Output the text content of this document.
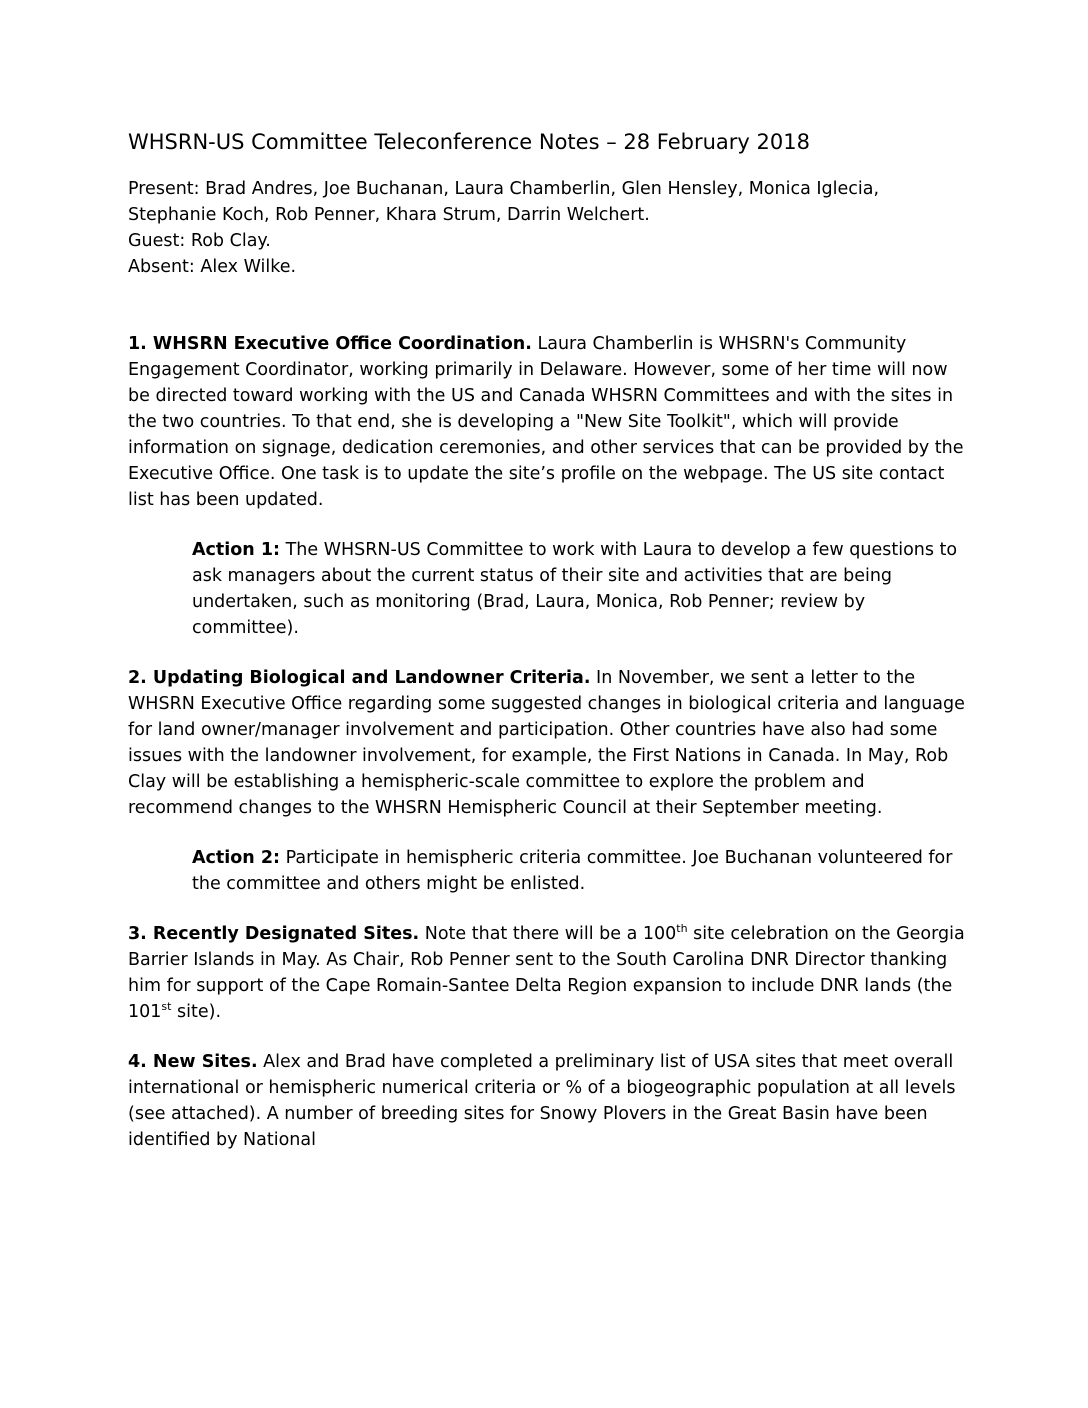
WHSRN-US Committee Teleconference Notes – 28 February 2018

Present: Brad Andres, Joe Buchanan, Laura Chamberlin, Glen Hensley, Monica Iglecia, Stephanie Koch, Rob Penner, Khara Strum, Darrin Welchert.

Guest: Rob Clay.

Absent: Alex Wilke.

1. WHSRN Executive Office Coordination. Laura Chamberlin is WHSRN's Community Engagement Coordinator, working primarily in Delaware. However, some of her time will now be directed toward working with the US and Canada WHSRN Committees and with the sites in the two countries. To that end, she is developing a "New Site Toolkit", which will provide information on signage, dedication ceremonies, and other services that can be provided by the Executive Office. One task is to update the site’s profile on the webpage. The US site contact list has been updated.

Action 1: The WHSRN-US Committee to work with Laura to develop a few questions to ask managers about the current status of their site and activities that are being undertaken, such as monitoring (Brad, Laura, Monica, Rob Penner; review by committee).

2. Updating Biological and Landowner Criteria. In November, we sent a letter to the WHSRN Executive Office regarding some suggested changes in biological criteria and language for land owner/manager involvement and participation. Other countries have also had some issues with the landowner involvement, for example, the First Nations in Canada. In May, Rob Clay will be establishing a hemispheric-scale committee to explore the problem and recommend changes to the WHSRN Hemispheric Council at their September meeting.

Action 2: Participate in hemispheric criteria committee. Joe Buchanan volunteered for the committee and others might be enlisted.

3. Recently Designated Sites. Note that there will be a 100th site celebration on the Georgia Barrier Islands in May. As Chair, Rob Penner sent to the South Carolina DNR Director thanking him for support of the Cape Romain-Santee Delta Region expansion to include DNR lands (the 101st site).

4. New Sites. Alex and Brad have completed a preliminary list of USA sites that meet overall international or hemispheric numerical criteria or % of a biogeographic population at all levels (see attached). A number of breeding sites for Snowy Plovers in the Great Basin have been identified by National
